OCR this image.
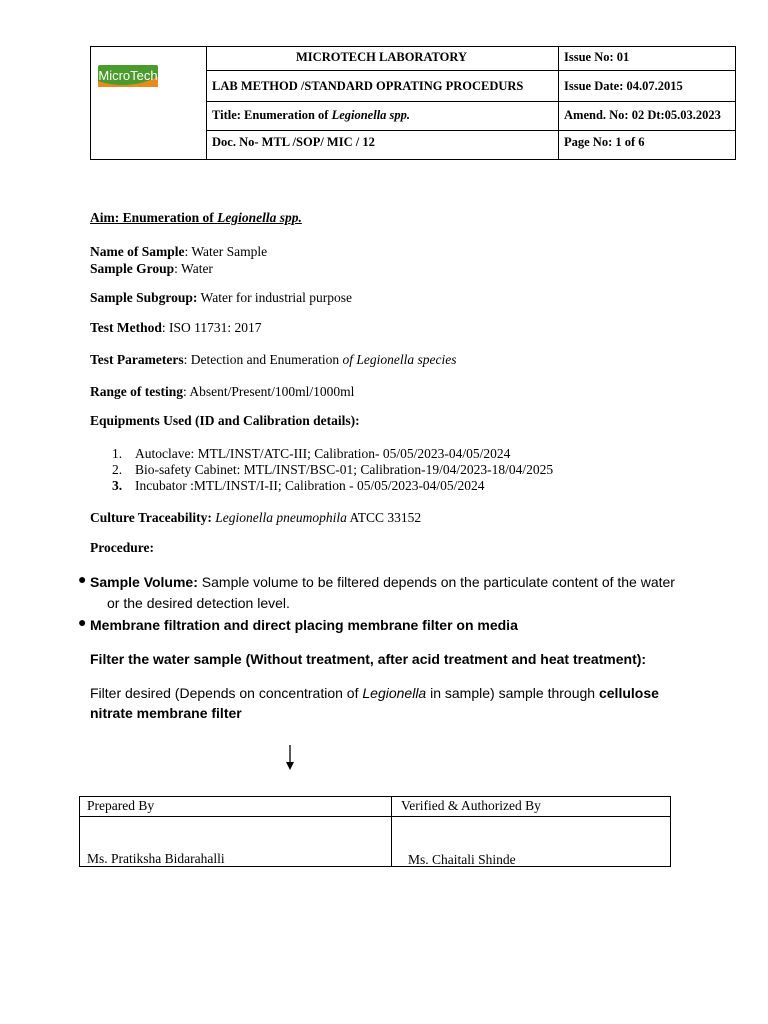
MicroTech
MICROTECH LABORATORY
LAB METHOD /STANDARD OPRATING PROCEDURS
Title: Enumeration of Legionella spp.
Doc. No- MTL /SOP/ MIC / 12
Issue No: 01
Issue Date: 04.07.2015
Amend. No: 02 Dt:05.03.2023
Page No: 1 of 6
Aim: Enumeration of Legionella spp.
Name of Sample: Water Sample
Sample Group: Water
Sample Subgroup: Water for industrial purpose
Test Method: ISO 11731: 2017
Test Parameters: Detection and Enumeration of Legionella species
Range of testing: Absent/Present/100ml/1000ml
Equipments Used (ID and Calibration details):
1. Autoclave: MTL/INST/ATC-III; Calibration- 05/05/2023-04/05/2024
2. Bio-safety Cabinet: MTL/INST/BSC-01; Calibration-19/04/2023-18/04/2025
3. Incubator :MTL/INST/I-II; Calibration - 05/05/2023-04/05/2024
Culture Traceability: Legionella pneumophila ATCC 33152
Procedure:
● Sample Volume: Sample volume to be filtered depends on the particulate content of the water
or the desired detection level.
● Membrane filtration and direct placing membrane filter on media
Filter the water sample (Without treatment, after acid treatment and heat treatment):
Filter desired (Depends on concentration of Legionella in sample) sample through cellulose
nitrate membrane filter
Prepared By	Verified & Authorized By
Ms. Pratiksha Bidarahalli	Ms. Chaitali Shinde
